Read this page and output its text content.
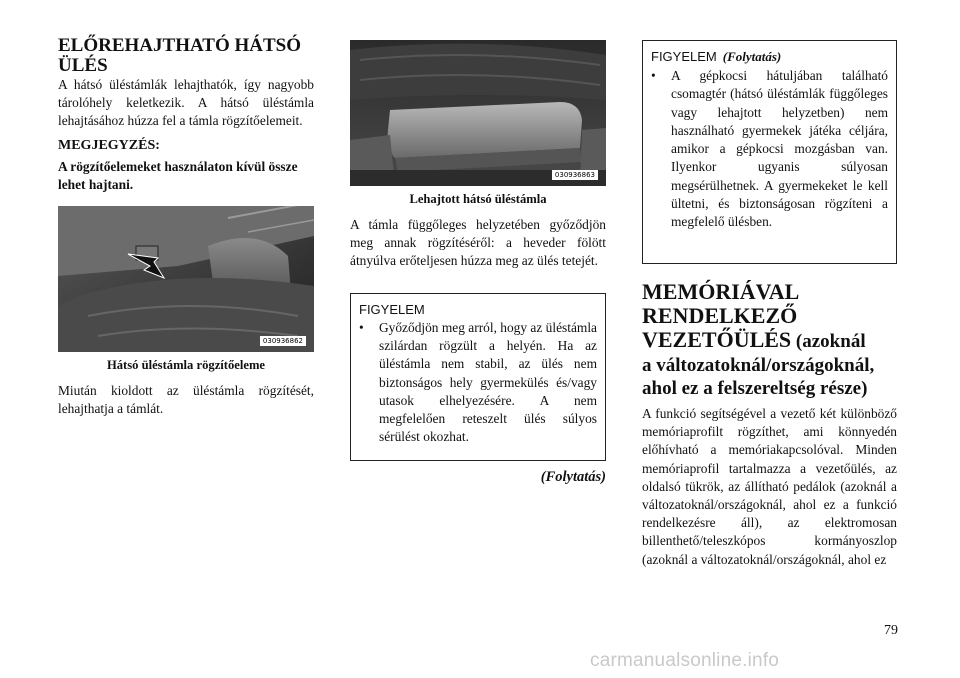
ELŐREHAJTHATÓ HÁTSÓ ÜLÉS

A hátsó üléstámlák lehajthatók, így nagyobb tárolóhely keletkezik. A hátsó üléstámla lehajtásához húzza fel a támla rögzítőelemeit.

MEGJEGYZÉS:

A rögzítőelemeket használaton kívül össze lehet hajtani.

030936862
Hátsó üléstámla rögzítőeleme

Miután kioldott az üléstámla rögzítését, lehajthatja a támlát.

030936863
Lehajtott hátsó üléstámla

A támla függőleges helyzetében győződjön meg annak rögzítéséről: a heveder fölött átnyúlva erőteljesen húzza meg az ülés tetejét.

FIGYELEM
• Győződjön meg arról, hogy az üléstámla szilárdan rögzült a helyén. Ha az üléstámla nem stabil, az ülés nem biztonságos hely gyermekülés és/vagy utasok elhelyezésére. A nem megfelelően reteszelt ülés súlyos sérülést okozhat.
(Folytatás)
FIGYELEM (Folytatás)
• A gépkocsi hátuljában található csomagtér (hátsó üléstámlák függőleges vagy lehajtott helyzetben) nem használható gyermekek játéka céljára, amikor a gépkocsi mozgásban van. Ilyenkor ugyanis súlyosan megsérülhetnek. A gyermekeket le kell ültetni, és biztonságosan rögzíteni a megfelelő ülésben.
MEMÓRIÁVAL RENDELKEZŐ VEZETŐÜLÉS (azoknál
a változatoknál/országoknál, ahol ez a felszereltség része)

A funkció segítségével a vezető két különböző memóriaprofilt rögzíthet, ami könnyedén előhívható a memóriakapcsolóval. Minden memóriaprofil tartalmazza a vezetőülés, az oldalsó tükrök, az állítható pedálok (azoknál a változatoknál/országoknál, ahol ez a funkció rendelkezésre áll), az elektromosan billenthető/teleszkópos kormányoszlop (azoknál a változatoknál/országoknál, ahol ez

79
carmanualsonline.info
